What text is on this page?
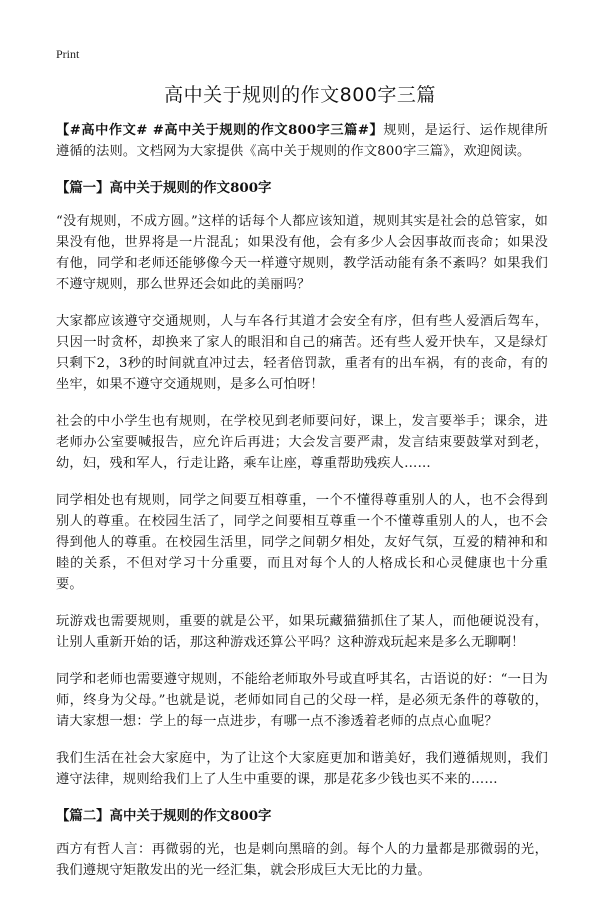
Print
高中关于规则的作文800字三篇

【#高中作文# #高中关于规则的作文800字三篇#】规则，是运行、运作规律所遵循的法则。文档网为大家提供《高中关于规则的作文800字三篇》，欢迎阅读。

【篇一】高中关于规则的作文800字

“没有规则，不成方圆。”这样的话每个人都应该知道，规则其实是社会的总管家，如果没有他，世界将是一片混乱；如果没有他，会有多少人会因事故而丧命；如果没有他，同学和老师还能够像今天一样遵守规则，教学活动能有条不紊吗？如果我们不遵守规则，那么世界还会如此的美丽吗？

大家都应该遵守交通规则，人与车各行其道才会安全有序，但有些人爱酒后驾车，只因一时贪杯，却换来了家人的眼泪和自己的痛苦。还有些人爱开快车，又是绿灯只剩下2，3秒的时间就直冲过去，轻者倍罚款，重者有的出车祸，有的丧命，有的坐牢，如果不遵守交通规则，是多么可怕呀！

社会的中小学生也有规则，在学校见到老师要问好，课上，发言要举手；课余，进老师办公室要喊报告，应允许后再进；大会发言要严肃，发言结束要鼓掌对到老，幼，妇，残和军人，行走让路，乘车让座，尊重帮助残疾人……

同学相处也有规则，同学之间要互相尊重，一个不懂得尊重别人的人，也不会得到别人的尊重。在校园生活了，同学之间要相互尊重一个不懂尊重别人的人，也不会得到他人的尊重。在校园生活里，同学之间朝夕相处，友好气氛，互爱的精神和和睦的关系，不但对学习十分重要，而且对每个人的人格成长和心灵健康也十分重要。

玩游戏也需要规则，重要的就是公平，如果玩藏猫猫抓住了某人，而他硬说没有，让别人重新开始的话，那这种游戏还算公平吗？这种游戏玩起来是多么无聊啊！

同学和老师也需要遵守规则，不能给老师取外号或直呼其名，古语说的好：“一日为师，终身为父母。”也就是说，老师如同自己的父母一样，是必须无条件的尊敬的，请大家想一想：学上的每一点进步，有哪一点不渗透着老师的点点心血呢？

我们生活在社会大家庭中，为了让这个大家庭更加和谐美好，我们遵循规则，我们遵守法律，规则给我们上了人生中重要的课，那是花多少钱也买不来的……

【篇二】高中关于规则的作文800字

西方有哲人言：再微弱的光，也是刺向黑暗的剑。每个人的力量都是那微弱的光，我们遵规守矩散发出的光一经汇集，就会形成巨大无比的力量。
